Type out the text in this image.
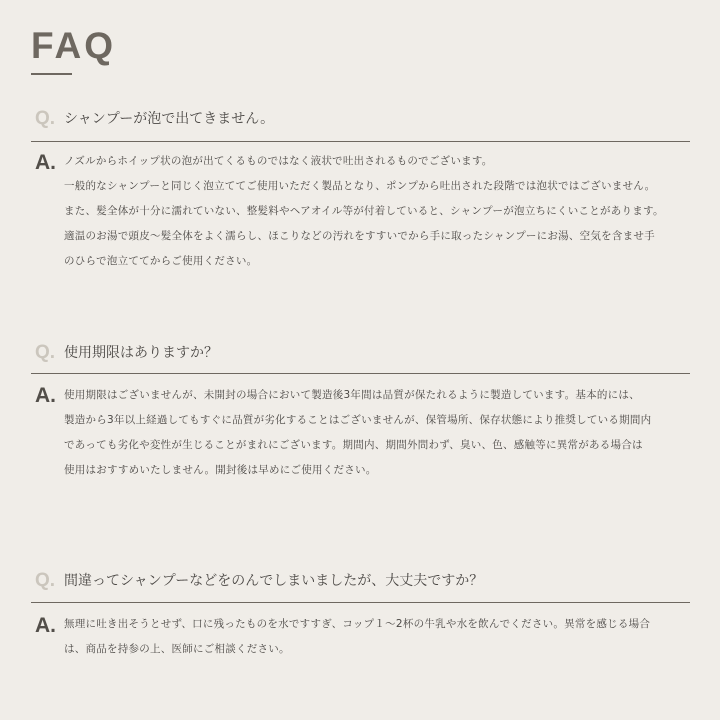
FAQ
Q. シャンプーが泡で出てきません。
A. ノズルからホイップ状の泡が出てくるものではなく液状で吐出されるものでございます。
一般的なシャンプーと同じく泡立ててご使用いただく製品となり、ポンプから吐出された段階では泡状ではございません。
また、髪全体が十分に濡れていない、整髪料やヘアオイル等が付着していると、シャンプーが泡立ちにくいことがあります。
適温のお湯で頭皮〜髪全体をよく濡らし、ほこりなどの汚れをすすいでから手に取ったシャンプーにお湯、空気を含ませ手
のひらで泡立ててからご使用ください。
Q. 使用期限はありますか？
A. 使用期限はございませんが、未開封の場合において製造後3年間は品質が保たれるように製造しています。基本的には、
製造から3年以上経過してもすぐに品質が劣化することはございませんが、保管場所、保存状態により推奨している期間内
であっても劣化や変性が生じることがまれにございます。期間内、期間外問わず、臭い、色、感触等に異常がある場合は
使用はおすすめいたしません。開封後は早めにご使用ください。
Q. 間違ってシャンプーなどをのんでしまいましたが、大丈夫ですか？
A. 無理に吐き出そうとせず、口に残ったものを水ですすぎ、コップ１〜2杯の牛乳や水を飲んでください。異常を感じる場合
は、商品を持参の上、医師にご相談ください。
